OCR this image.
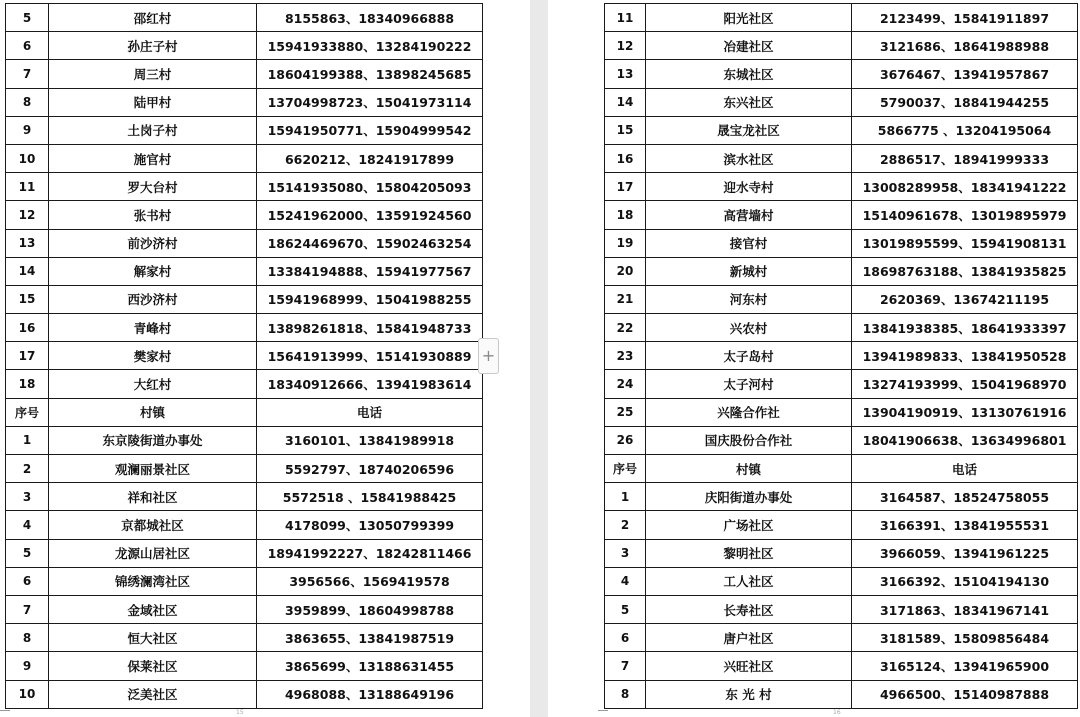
5	邵红村	8155863、18340966888
6	孙庄子村	15941933880、13284190222
7	周三村	18604199388、13898245685
8	陆甲村	13704998723、15041973114
9	土岗子村	15941950771、15904999542
10	施官村	6620212、18241917899
11	罗大台村	15141935080、15804205093
12	张书村	15241962000、13591924560
13	前沙济村	18624469670、15902463254
14	解家村	13384194888、15941977567
15	西沙济村	15941968999、15041988255
16	青峰村	13898261818、15841948733
17	樊家村	15641913999、15141930889
18	大红村	18340912666、13941983614
序号	村镇	电话
1	东京陵街道办事处	3160101、13841989918
2	观澜丽景社区	5592797、18740206596
3	祥和社区	5572518 、15841988425
4	京都城社区	4178099、13050799399
5	龙源山居社区	18941992227、18242811466
6	锦绣澜湾社区	3956566、1569419578
7	金域社区	3959899、18604998788
8	恒大社区	3863655、13841987519
9	保莱社区	3865699、13188631455
10	泛美社区	4968088、13188649196
15	16
11	阳光社区	2123499、15841911897
12	冶建社区	3121686、18641988988
13	东城社区	3676467、13941957867
14	东兴社区	5790037、18841944255
15	晟宝龙社区	5866775 、13204195064
16	滨水社区	2886517、18941999333
17	迎水寺村	13008289958、18341941222
18	高营墙村	15140961678、13019895979
19	接官村	13019895599、15941908131
20	新城村	18698763188、13841935825
21	河东村	2620369、13674211195
22	兴农村	13841938385、18641933397
23	太子岛村	13941989833、13841950528
24	太子河村	13274193999、15041968970
25	兴隆合作社	13904190919、13130761916
26	国庆股份合作社	18041906638、13634996801
序号	村镇	电话
1	庆阳街道办事处	3164587、18524758055
2	广场社区	3166391、13841955531
3	黎明社区	3966059、13941961225
4	工人社区	3166392、15104194130
5	长寿社区	3171863、18341967141
6	唐户社区	3181589、15809856484
7	兴旺社区	3165124、13941965900
8	东 光 村	4966500、15140987888
+
